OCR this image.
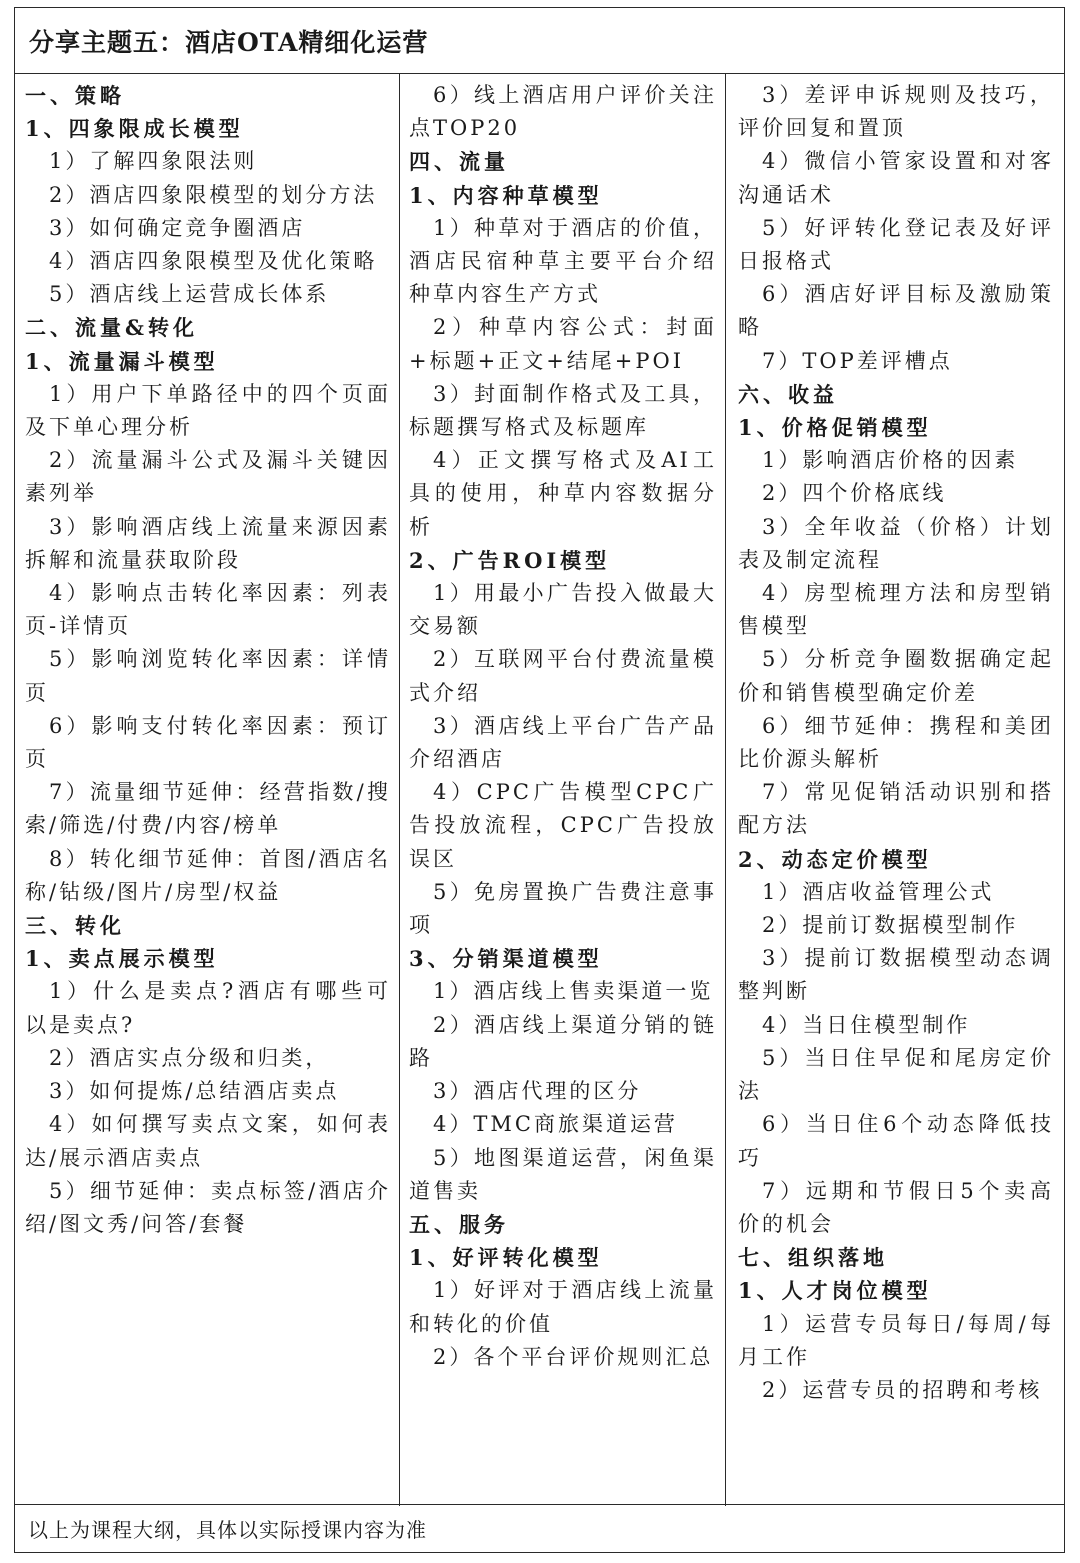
分享主题五：酒店OTA精细化运营

一、策略

1、四象限成长模型

1）了解四象限法则

2）酒店四象限模型的划分方法

3）如何确定竞争圈酒店

4）酒店四象限模型及优化策略

5）酒店线上运营成长体系

二、流量&转化

1、流量漏斗模型

1）用户下单路径中的四个页面及下单心理分析

2）流量漏斗公式及漏斗关键因素列举

3）影响酒店线上流量来源因素拆解和流量获取阶段

4）影响点击转化率因素：列表页-详情页

5）影响浏览转化率因素：详情页

6）影响支付转化率因素：预订页

7）流量细节延伸：经营指数/搜索/筛选/付费/内容/榜单

8）转化细节延伸：首图/酒店名称/钻级/图片/房型/权益

三、转化

1、卖点展示模型

1）什么是卖点?酒店有哪些可以是卖点?

2）酒店实点分级和归类，

3）如何提炼/总结酒店卖点

4）如何撰写卖点文案，如何表达/展示酒店卖点

5）细节延伸：卖点标签/酒店介绍/图文秀/问答/套餐

6）线上酒店用户评价关注点TOP20

四、流量

1、内容种草模型

1）种草对于酒店的价值，酒店民宿种草主要平台介绍种草内容生产方式

2）种草内容公式：封面+标题+正文+结尾+POI

3）封面制作格式及工具，标题撰写格式及标题库

4）正文撰写格式及AI工具的使用，种草内容数据分析

2、广告ROI模型

1）用最小广告投入做最大交易额

2）互联网平台付费流量模式介绍

3）酒店线上平台广告产品介绍酒店

4）CPC广告模型CPC广告投放流程，CPC广告投放误区

5）免房置换广告费注意事项

3、分销渠道模型

1）酒店线上售卖渠道一览

2）酒店线上渠道分销的链路

3）酒店代理的区分

4）TMC商旅渠道运营

5）地图渠道运营，闲鱼渠道售卖

五、服务

1、好评转化模型

1）好评对于酒店线上流量和转化的价值

2）各个平台评价规则汇总

3）差评申诉规则及技巧，评价回复和置顶

4）微信小管家设置和对客沟通话术

5）好评转化登记表及好评日报格式

6）酒店好评目标及激励策略

7）TOP差评槽点

六、收益

1、价格促销模型

1）影响酒店价格的因素

2）四个价格底线

3）全年收益（价格）计划表及制定流程

4）房型梳理方法和房型销售模型

5）分析竞争圈数据确定起价和销售模型确定价差

6）细节延伸：携程和美团比价源头解析

7）常见促销活动识别和搭配方法

2、动态定价模型

1）酒店收益管理公式

2）提前订数据模型制作

3）提前订数据模型动态调整判断

4）当日住模型制作

5）当日住早促和尾房定价法

6）当日住6个动态降低技巧

7）远期和节假日5个卖高价的机会

七、组织落地

1、人才岗位模型

1）运营专员每日/每周/每月工作

2）运营专员的招聘和考核

以上为课程大纲，具体以实际授课内容为准
